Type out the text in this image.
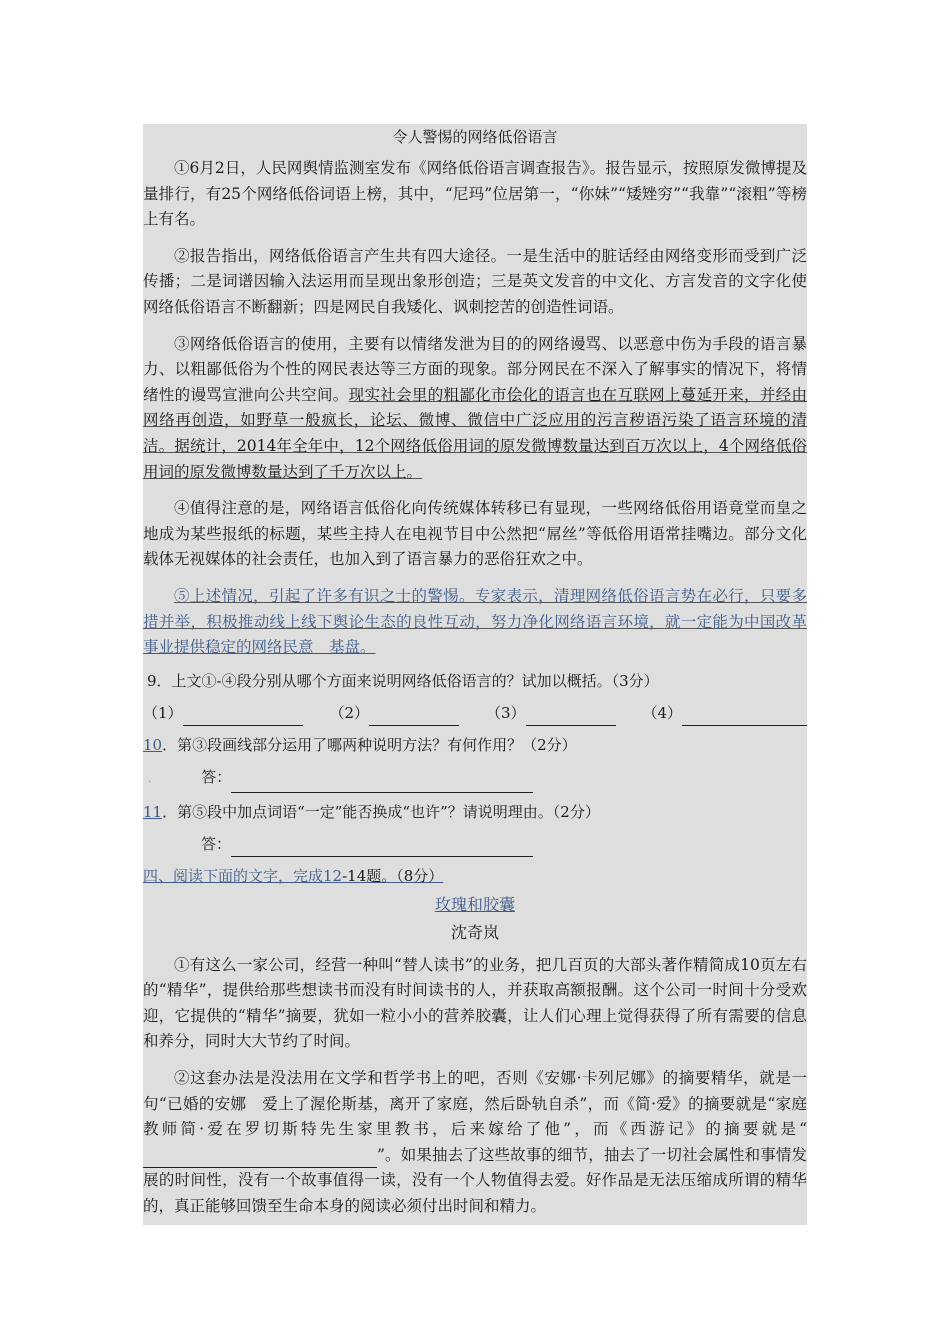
令人警惕的网络低俗语言
①6月2日，人民网舆情监测室发布《网络低俗语言调查报告》。报告显示，按照原发微博提及量排行，有25个网络低俗词语上榜，其中，“尼玛”位居第一，“你妹”“矮矬穷”“我靠”“滚粗”等榜上有名。
②报告指出，网络低俗语言产生共有四大途径。一是生活中的脏话经由网络变形而受到广泛传播；二是词谱因输入法运用而呈现出象形创造；三是英文发音的中文化、方言发音的文字化使网络低俗语言不断翻新；四是网民自我矮化、讽刺挖苦的创造性词语。
③网络低俗语言的使用，主要有以情绪发泄为目的的网络谩骂、以恶意中伤为手段的语言暴力、以粗鄙低俗为个性的网民表达等三方面的现象。部分网民在不深入了解事实的情况下，将情绪性的谩骂宣泄向公共空间。现实社会里的粗鄙化市侩化的语言也在互联网上蔓延开来，并经由网络再创造，如野草一般疯长，论坛、微博、微信中广泛应用的污言秽语污染了语言环境的清洁。据统计，2014年全年中，12个网络低俗用词的原发微博数量达到百万次以上，4个网络低俗用词的原发微博数量达到了千万次以上。
④值得注意的是，网络语言低俗化向传统媒体转移已有显现，一些网络低俗用语竟堂而皇之地成为某些报纸的标题，某些主持人在电视节目中公然把“屌丝”等低俗用语常挂嘴边。部分文化载体无视媒体的社会责任，也加入到了语言暴力的恶俗狂欢之中。
⑤上述情况，引起了许多有识之士的警惕。专家表示，清理网络低俗语言势在必行，只要多措并举，积极推动线上线下舆论生态的良性互动，努力净化网络语言环境，就一定能为中国改革事业提供稳定的网络民意　基盘。
9．上文①-④段分别从哪个方面来说明网络低俗语言的？试加以概括。（3分）
（1）	（2）	（3）	（4）
10．第③段画线部分运用了哪两种说明方法？有何作用？（2分）
.	答：
11．第⑤段中加点词语“一定”能否换成“也许”？请说明理由。（2分）
答：
四、阅读下面的文字，完成12-14题。（8分）
玫瑰和胶囊
沈奇岚
①有这么一家公司，经营一种叫“替人读书”的业务，把几百页的大部头著作精简成10页左右的“精华”，提供给那些想读书而没有时间读书的人，并获取高额报酬。这个公司一时间十分受欢迎，它提供的“精华”摘要，犹如一粒小小的营养胶囊，让人们心理上觉得获得了所有需要的信息和养分，同时大大节约了时间。
②这套办法是没法用在文学和哲学书上的吧，否则《安娜·卡列尼娜》的摘要精华，就是一句“已婚的安娜　爱上了渥伦斯基，离开了家庭，然后卧轨自杀”，而《简·爱》的摘要就是“家庭教师简·爱在罗切斯特先生家里教书，后来嫁给了他”，而《西游记》的摘要就是“”。如果抽去了这些故事的细节，抽去了一切社会属性和事情发展的时间性，没有一个故事值得一读，没有一个人物值得去爱。好作品是无法压缩成所谓的精华的，真正能够回馈至生命本身的阅读必须付出时间和精力。
